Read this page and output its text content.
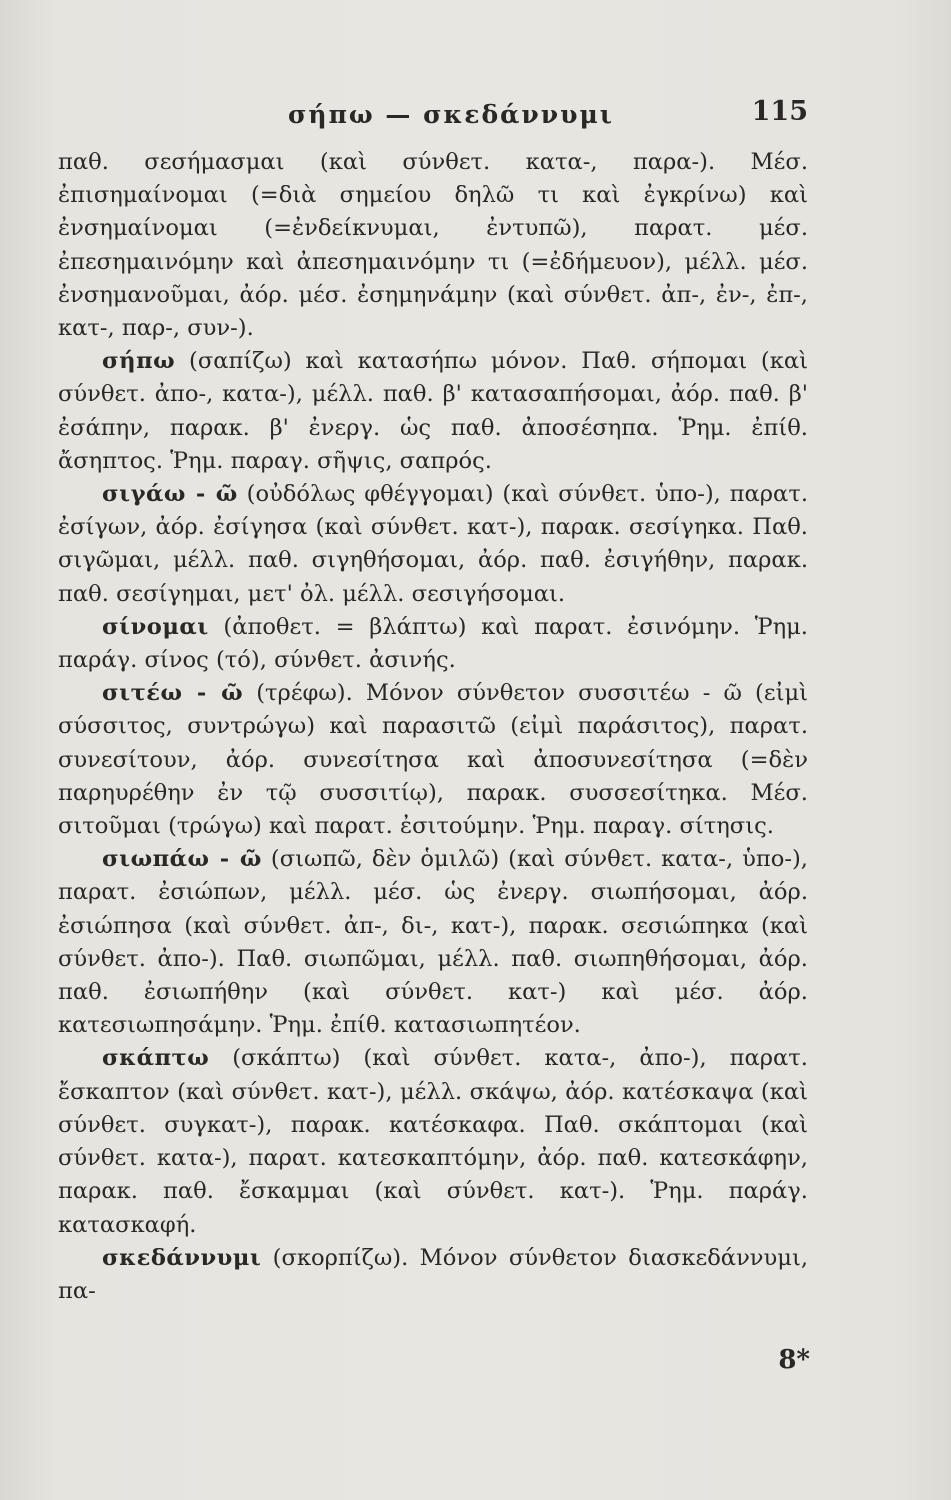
σήπω — σκεδάννυμι	115

παθ. σεσήμασμαι (καὶ σύνθετ. κατα-, παρα-). Μέσ. ἐπισημαίνομαι (=διὰ σημείου δηλῶ τι καὶ ἐγκρίνω) καὶ ἐνσημαίνομαι (=ἐνδείκνυμαι, ἐντυπῶ), παρατ. μέσ. ἐπεσημαινόμην καὶ ἀπεσημαινόμην τι (=ἐδήμευον), μέλλ. μέσ. ἐνσημανοῦμαι, ἀόρ. μέσ. ἐσημηνάμην (καὶ σύνθετ. ἀπ-, ἐν-, ἐπ-, κατ-, παρ-, συν-).

σήπω (σαπίζω) καὶ κατασήπω μόνον. Παθ. σήπομαι (καὶ σύνθετ. ἀπο-, κατα-), μέλλ. παθ. β' κατασαπήσομαι, ἀόρ. παθ. β' ἐσάπην, παρακ. β' ἐνεργ. ὡς παθ. ἀποσέσηπα. Ῥημ. ἐπίθ. ἄσηπτος. Ῥημ. παραγ. σῆψις, σαπρός.

σιγάω - ῶ (οὐδόλως φθέγγομαι) (καὶ σύνθετ. ὑπο-), παρατ. ἐσίγων, ἀόρ. ἐσίγησα (καὶ σύνθετ. κατ-), παρακ. σεσίγηκα. Παθ. σιγῶμαι, μέλλ. παθ. σιγηθήσομαι, ἀόρ. παθ. ἐσιγήθην, παρακ. παθ. σεσίγημαι, μετ' ὀλ. μέλλ. σεσιγήσομαι.

σίνομαι (ἀποθετ. = βλάπτω) καὶ παρατ. ἐσινόμην. Ῥημ. παράγ. σίνος (τό), σύνθετ. ἀσινής.

σιτέω - ῶ (τρέφω). Μόνον σύνθετον συσσιτέω - ῶ (εἰμὶ σύσσιτος, συντρώγω) καὶ παρασιτῶ (εἰμὶ παράσιτος), παρατ. συνεσίτουν, ἀόρ. συνεσίτησα καὶ ἀποσυνεσίτησα (=δὲν παρηυρέθην ἐν τῷ συσσιτίῳ), παρακ. συσσεσίτηκα. Μέσ. σιτοῦμαι (τρώγω) καὶ παρατ. ἐσιτούμην. Ῥημ. παραγ. σίτησις.

σιωπάω - ῶ (σιωπῶ, δὲν ὁμιλῶ) (καὶ σύνθετ. κατα-, ὑπο-), παρατ. ἐσιώπων, μέλλ. μέσ. ὡς ἐνεργ. σιωπήσομαι, ἀόρ. ἐσιώπησα (καὶ σύνθετ. ἀπ-, δι-, κατ-), παρακ. σεσιώπηκα (καὶ σύνθετ. ἀπο-). Παθ. σιωπῶμαι, μέλλ. παθ. σιωπηθήσομαι, ἀόρ. παθ. ἐσιωπήθην (καὶ σύνθετ. κατ-) καὶ μέσ. ἀόρ. κατεσιωπησάμην. Ῥημ. ἐπίθ. κατασιωπητέον.

σκάπτω (σκάπτω) (καὶ σύνθετ. κατα-, ἀπο-), παρατ. ἔσκαπτον (καὶ σύνθετ. κατ-), μέλλ. σκάψω, ἀόρ. κατέσκαψα (καὶ σύνθετ. συγκατ-), παρακ. κατέσκαφα. Παθ. σκάπτομαι (καὶ σύνθετ. κατα-), παρατ. κατεσκαπτόμην, ἀόρ. παθ. κατεσκάφην, παρακ. παθ. ἔσκαμμαι (καὶ σύνθετ. κατ-). Ῥημ. παράγ. κατασκαφή.

σκεδάννυμι (σκορπίζω). Μόνον σύνθετον διασκεδάννυμι, πα-

8*
